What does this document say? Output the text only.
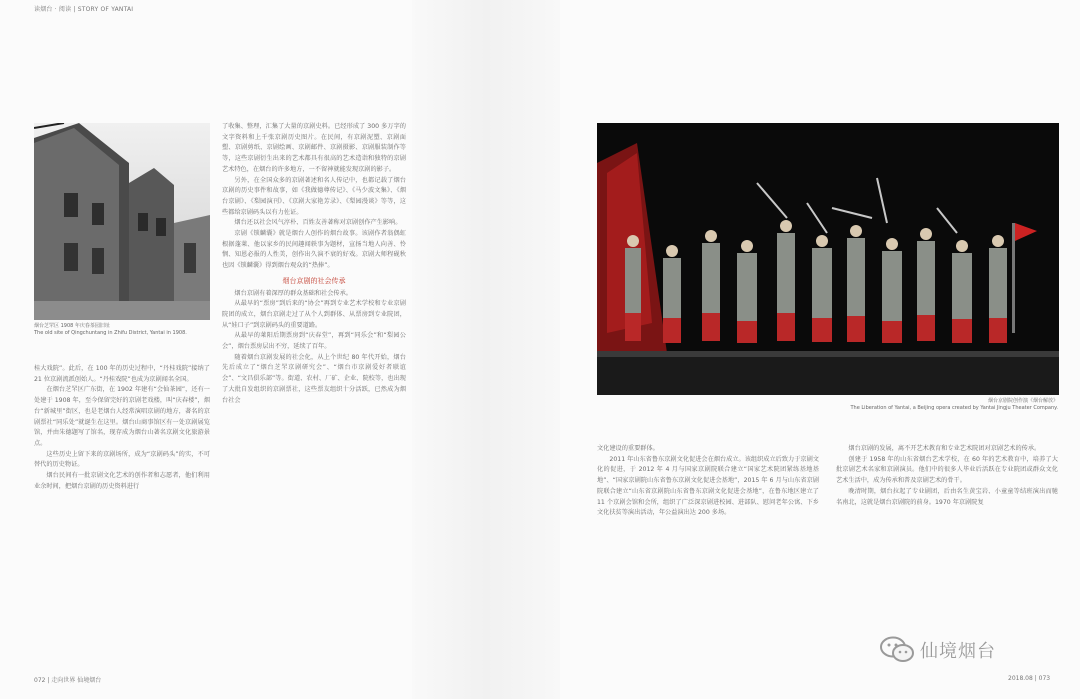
读烟台 · 阅读 | STORY OF YANTAI
烟台芝罘区 1908 年庆春茶园旧址
The old site of Qingchuntang in Zhifu District, Yantai in 1908.

桂大戏院”。此后，在 100 年的历史过程中，“丹桂戏院”接纳了 21 位京剧流派创始人。“丹桂戏院”也成为京剧闻名全国。

在烟台芝罘区广东街，在 1902 年建有“会仙茶园”，还有一处建于 1908 年，至今保留完好的京剧老戏楼，叫“庆春楼”，烟台“新城里”街区，也是老烟台人经常演唱京剧的地方，著名的京剧票社“同乐处”就诞生在这里。烟台山商事馆区有一处京剧展览馆，并由朱德题写了馆名，现存成为烟台山著名京剧文化旅游景点。

这些历史上留下来的京剧场所，成为“京剧码头”的实，不可替代的历史物证。

烟台民间有一批京剧文化艺术的创作者和志愿者，他们利用业余时间，把烟台京剧的历史资料进行

了收集、整理，汇集了大量的京剧史料。已经形成了 300 多万字的文字资料和上千张京剧历史图片。在民间，有京剧泥塑、京剧面塑、京剧剪纸、京剧绘画、京剧邮件、京剧摄影、京剧服装制作等等，这些京剧衍生出来的艺术都具有很高的艺术造诣和独特的京剧艺术特色，在烟台的许多地方，一不留神就能发现京剧的影子。

另外，在全国众多的京剧著述和名人传记中，也都记载了烟台京剧的历史事件和故事，如《我做德尊传记》、《马少波文集》、《烟台京剧》、《梨园演刊》、《京剧大家艳芳录》、《梨园漫谈》等等，这些都给京剧码头以有力佐证。

烟台还以社会风气淳朴、百姓友善著称对京剧创作产生影响。

京剧《锁麟囊》就是烟台人创作的烟台故事。该剧作者翁偶虹根据蓬莱、他以家乡的民间趣闻轶事为题材，宣扬当地人向善、怜悯、知恩必报的人性美，创作出久演不衰的好戏。京剧大师程砚秋也因《锁麟囊》得到烟台观众的“热捧”。

烟台京剧的社会传承

烟台京剧有着深厚的群众基础和社会传承。

从最早的“票房”到后来的“协会”再到专业艺术学校和专业京剧院团的成立，烟台京剧走过了从个人到群体、从票房到专业院团，从“娃口子”到京剧码头的重要道路。

从最早的莱阳后期票房到“庆春堂”，再到“同乐会”和“梨园公会”，烟台票房层出不穷，延续了百年。

随着烟台京剧发展的社会化，从上个世纪 80 年代开始，烟台先后成立了“烟台芝罘京剧研究会”、“烟台市京剧爱好者联谊会”、“文昌俱乐部”等。街道、农村、厂矿、企业、院校等，也出现了大批自发组织的京剧票社，这些票友组织十分活跃，已然成为烟台社会

072 | 走向世界 仙境烟台
烟台京剧院创作演《烟台解放》
The Liberation of Yantai, a Beijing opera created by Yantai Jingju Theater Company.

文化建设的重要群体。

2011 年山东省鲁东京剧文化促进会在烟台成立。该组织成立后致力于京剧文化的促进，于 2012 年 4 月与国家京剧院联合建立“国家艺术院团紧练基地基地”、“国家京剧院山东省鲁东京剧文化促进会基地”，2015 年 6 月与山东省京剧院联合建立“山东省京剧院山东省鲁东京剧文化促进会基地”，在鲁东地区建立了 11 个京剧会馆和会所，组织了广泛深京剧进校园、进部队、慰问老年公寓、下乡文化扶贫等演出活动，年公益演出达 200 多场。

烟台京剧的发展，离不开艺术教育和专业艺术院团对京剧艺术的传承。

创建于 1958 年的山东省烟台艺术学校，在 60 年的艺术教育中，培养了大批京剧艺术名家和京剧演员。他们中的很多人毕业后活跃在专业院团或群众文化艺术生活中，成为传承和普及京剧艺术的骨干。

晚清时期，烟台拉起了专业剧团，后由名生黄宝岩、小童童等结班演出而驰名南北，这就是烟台京剧院的前身。1970 年京剧院复

2018.08 | 073
仙境烟台
